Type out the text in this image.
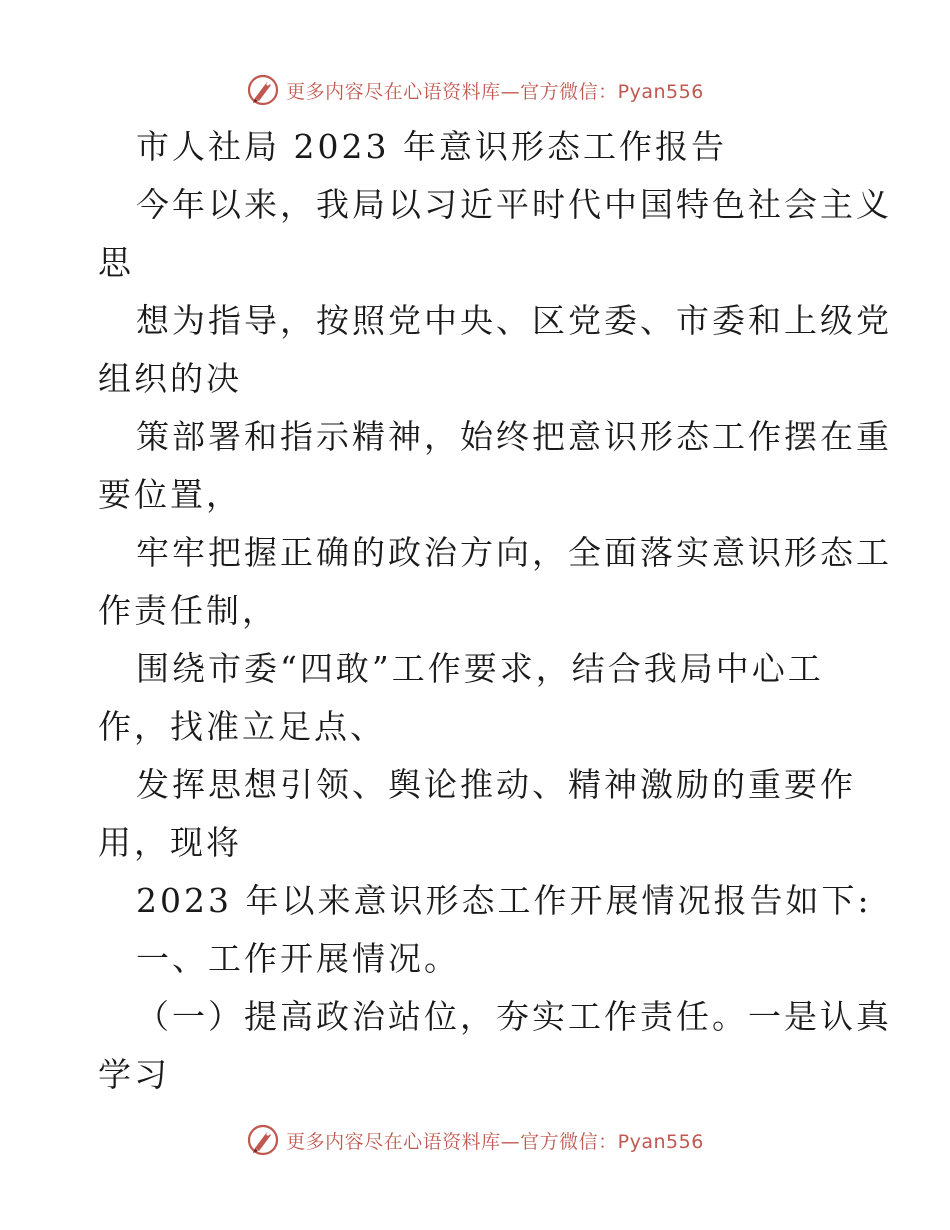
更多内容尽在心语资料库—官方微信：Pyan556
市人社局 2023 年意识形态工作报告
今年以来，我局以习近平时代中国特色社会主义
思
想为指导，按照党中央、区党委、市委和上级党
组织的决
策部署和指示精神，始终把意识形态工作摆在重
要位置，
牢牢把握正确的政治方向，全面落实意识形态工
作责任制，
围绕市委“四敢”工作要求，结合我局中心工
作，找准立足点、
发挥思想引领、舆论推动、精神激励的重要作
用，现将
2023 年以来意识形态工作开展情况报告如下:
一、工作开展情况。
（一）提高政治站位，夯实工作责任。一是认真
学习
更多内容尽在心语资料库—官方微信：Pyan556
